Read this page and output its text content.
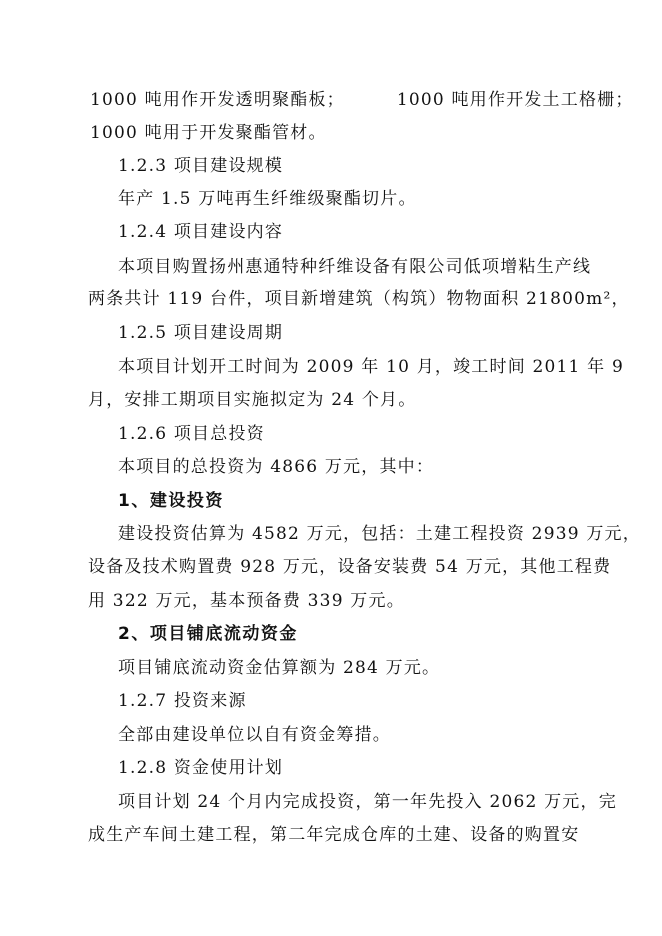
1000 吨用作开发透明聚酯板；	1000 吨用作开发土工格栅；
1000 吨用于开发聚酯管材。
1.2.3 项目建设规模
年产 1.5 万吨再生纤维级聚酯切片。
1.2.4 项目建设内容
本项目购置扬州惠通特种纤维设备有限公司低项增粘生产线
两条共计 119 台件，项目新增建筑（构筑）物物面积 21800m²，
1.2.5 项目建设周期
本项目计划开工时间为 2009 年 10 月，竣工时间 2011 年 9
月，安排工期项目实施拟定为 24 个月。
1.2.6 项目总投资
本项目的总投资为 4866 万元，其中：
1、建设投资
建设投资估算为 4582 万元，包括：土建工程投资 2939 万元，
设备及技术购置费 928 万元，设备安装费 54 万元，其他工程费
用 322 万元，基本预备费 339 万元。
2、项目铺底流动资金
项目铺底流动资金估算额为 284 万元。
1.2.7 投资来源
全部由建设单位以自有资金筹措。
1.2.8 资金使用计划
项目计划 24 个月内完成投资，第一年先投入 2062 万元，完
成生产车间土建工程，第二年完成仓库的土建、设备的购置安
